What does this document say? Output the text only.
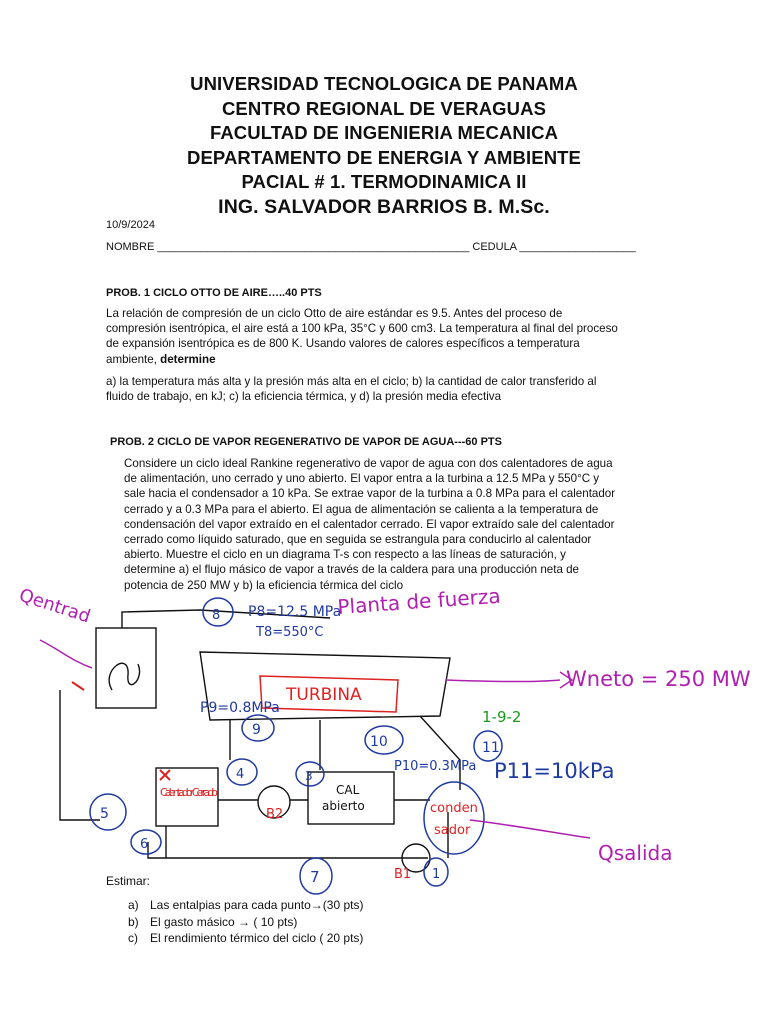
UNIVERSIDAD TECNOLOGICA DE PANAMA
CENTRO REGIONAL DE VERAGUAS
FACULTAD DE INGENIERIA MECANICA
DEPARTAMENTO DE ENERGIA Y AMBIENTE
PACIAL # 1. TERMODINAMICA II
ING. SALVADOR BARRIOS B. M.Sc.
10/9/2024
NOMBRE ___________________________________________________ CEDULA ___________________
PROB. 1 CICLO OTTO DE AIRE…..40 PTS
La relación de compresión de un ciclo Otto de aire estándar es 9.5. Antes del proceso de
compresión isentrópica, el aire está a 100 kPa, 35°C y 600 cm3. La temperatura al final del proceso
de expansión isentrópica es de 800 K. Usando valores de calores específicos a temperatura
ambiente, determine
a) la temperatura más alta y la presión más alta en el ciclo; b) la cantidad de calor transferido al
fluido de trabajo, en kJ; c) la eficiencia térmica, y d) la presión media efectiva
PROB. 2 CICLO DE VAPOR REGENERATIVO DE VAPOR DE AGUA---60 PTS
Considere un ciclo ideal Rankine regenerativo de vapor de agua con dos calentadores de agua
de alimentación, uno cerrado y uno abierto. El vapor entra a la turbina a 12.5 MPa y 550°C y
sale hacia el condensador a 10 kPa. Se extrae vapor de la turbina a 0.8 MPa para el calentador
cerrado y a 0.3 MPa para el abierto. El agua de alimentación se calienta a la temperatura de
condensación del vapor extraído en el calentador cerrado. El vapor extraído sale del calentador
cerrado como líquido saturado, que en seguida se estrangula para conducirlo al calentador
abierto. Muestre el ciclo en un diagrama T-s con respecto a las líneas de saturación, y
determine a) el flujo másico de vapor a través de la caldera para una producción neta de
potencia de 250 MW y b) la eficiencia térmica del ciclo
Qentrad	Planta de fuerza
P8=12.5 MPa
T8=550°C
8
TURBINA
Wneto = 250 MW
P9=0.8MPa
9
10
P10=0.3MPa
11
P11=10kPa
1-9-2
4	3
Calentador Cerrado	CAL
abierto	conden
sador
Qsalida
B2
B1 1
5
6
7
Estimar:
a) Las entalpias para cada punto→(30 pts)
b) El gasto másico → ( 10 pts)
c) El rendimiento térmico del ciclo ( 20 pts)
